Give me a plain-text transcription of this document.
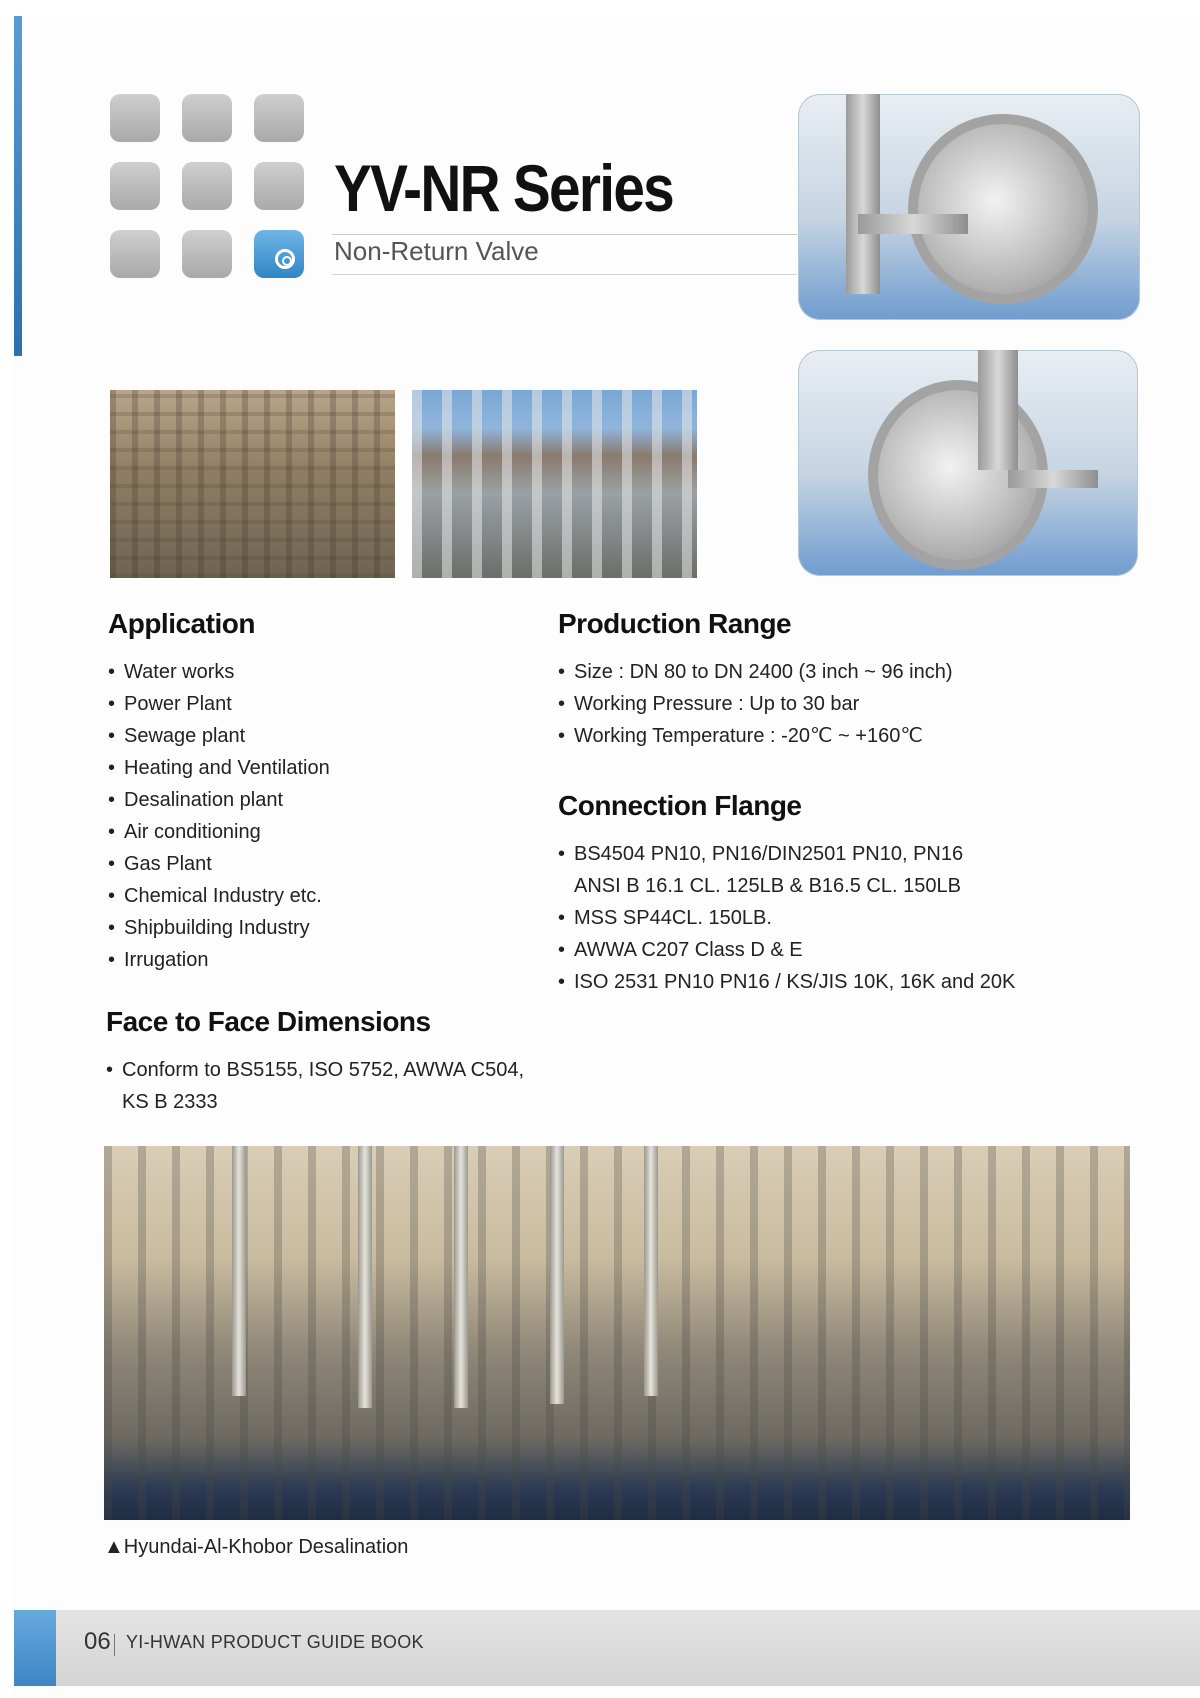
YV-NR Series
Non-Return Valve
Application
• Water works
• Power Plant
• Sewage plant
• Heating and Ventilation
• Desalination plant
• Air conditioning
• Gas Plant
• Chemical Industry etc.
• Shipbuilding Industry
• Irrugation
Face to Face Dimensions
• Conform to BS5155, ISO 5752, AWWA C504,
KS B 2333
Production Range
• Size : DN 80 to DN 2400 (3 inch ~ 96 inch)
• Working Pressure : Up to 30 bar
• Working Temperature : -20℃ ~ +160℃
Connection Flange
• BS4504 PN10, PN16/DIN2501 PN10, PN16
ANSI B 16.1 CL. 125LB & B16.5 CL. 150LB
• MSS SP44CL. 150LB.
• AWWA C207 Class D & E
• ISO 2531 PN10 PN16 / KS/JIS 10K, 16K and 20K
▲Hyundai-Al-Khobor Desalination
06 YI-HWAN PRODUCT GUIDE BOOK
